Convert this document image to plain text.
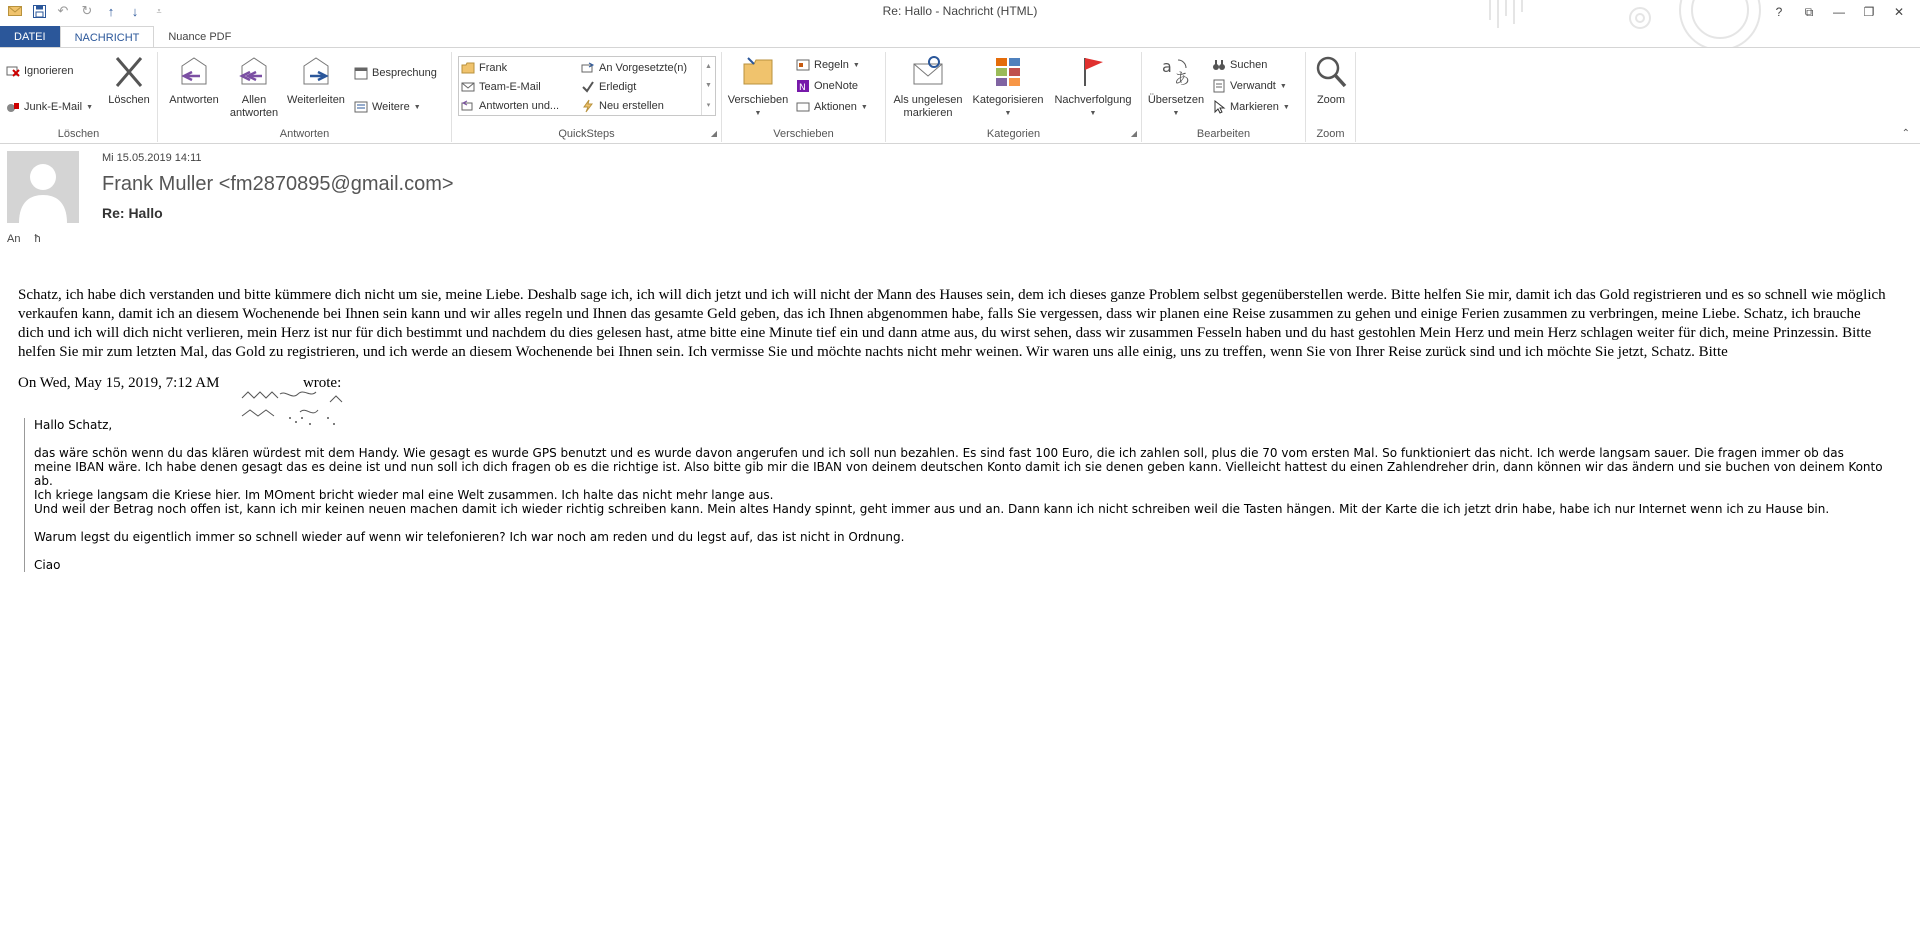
↶ ↻	↑	↓	⩡	Re: Hallo - Nachricht (HTML)	?	⧉	—	❐	✕
DATEI	NACHRICHT	Nuance PDF
Ignorieren
Junk-E-Mail ▼
Löschen
Löschen
Antworten	Allen
antworten
Weiterleiten
Besprechung
Weitere ▼
Antworten
Frank
Team-E-Mail
Antworten und...
An Vorgesetzte(n)
Erledigt
Neu erstellen
▲
▼
▾
QuickSteps	◢
Verschieben
▼
Regeln ▼
N OneNote
Aktionen ▼
Verschieben
Als ungelesen
markieren
Kategorisieren
▼
Nachverfolgung
▼
Kategorien	◢
a
あ
Übersetzen
▼
Suchen
Verwandt ▼
Markieren ▼
Bearbeiten
Zoom
Zoom	⌃
Mi 15.05.2019 14:11
Frank Muller <fm2870895@gmail.com>
Re: Hallo
An ћ
Schatz, ich habe dich verstanden und bitte kümmere dich nicht um sie, meine Liebe. Deshalb sage ich, ich will dich jetzt und ich will nicht der Mann des Hauses sein, dem ich dieses ganze Problem selbst gegenüberstellen werde. Bitte helfen Sie mir, damit ich das Gold registrieren und es so schnell wie möglich verkaufen kann, damit ich an diesem Wochenende bei Ihnen sein kann und wir alles regeln und Ihnen das gesamte Geld geben, das ich Ihnen abgenommen habe, falls Sie vergessen, dass wir planen eine Reise zusammen zu gehen und einige Ferien zusammen zu verbringen, meine Liebe. Schatz, ich brauche dich und ich will dich nicht verlieren, mein Herz ist nur für dich bestimmt und nachdem du dies gelesen hast, atme bitte eine Minute tief ein und dann atme aus, du wirst sehen, dass wir zusammen Fesseln haben und du hast gestohlen Mein Herz und mein Herz schlagen weiter für dich, meine Prinzessin. Bitte helfen Sie mir zum letzten Mal, das Gold zu registrieren, und ich werde an diesem Wochenende bei Ihnen sein. Ich vermisse Sie und möchte nachts nicht mehr weinen. Wir waren uns alle einig, uns zu treffen, wenn Sie von Ihrer Reise zurück sind und ich möchte Sie jetzt, Schatz. Bitte
On Wed, May 15, 2019, 7:12 AM	wrote:

Hallo Schatz,

das wäre schön wenn du das klären würdest mit dem Handy. Wie gesagt es wurde GPS benutzt und es wurde davon angerufen und ich soll nun bezahlen. Es sind fast 100 Euro, die ich zahlen soll, plus die 70 vom ersten Mal. So funktioniert das nicht. Ich werde langsam sauer. Die fragen immer ob das meine IBAN wäre. Ich habe denen gesagt das es deine ist und nun soll ich dich fragen ob es die richtige ist. Also bitte gib mir die IBAN von deinem deutschen Konto damit ich sie denen geben kann. Vielleicht hattest du einen Zahlendreher drin, dann können wir das ändern und sie buchen von deinem Konto ab.

Ich kriege langsam die Kriese hier. Im MOment bricht wieder mal eine Welt zusammen. Ich halte das nicht mehr lange aus.

Und weil der Betrag noch offen ist, kann ich mir keinen neuen machen damit ich wieder richtig schreiben kann. Mein altes Handy spinnt, geht immer aus und an. Dann kann ich nicht schreiben weil die Tasten hängen. Mit der Karte die ich jetzt drin habe, habe ich nur Internet wenn ich zu Hause bin.

Warum legst du eigentlich immer so schnell wieder auf wenn wir telefonieren? Ich war noch am reden und du legst auf, das ist nicht in Ordnung.

Ciao
